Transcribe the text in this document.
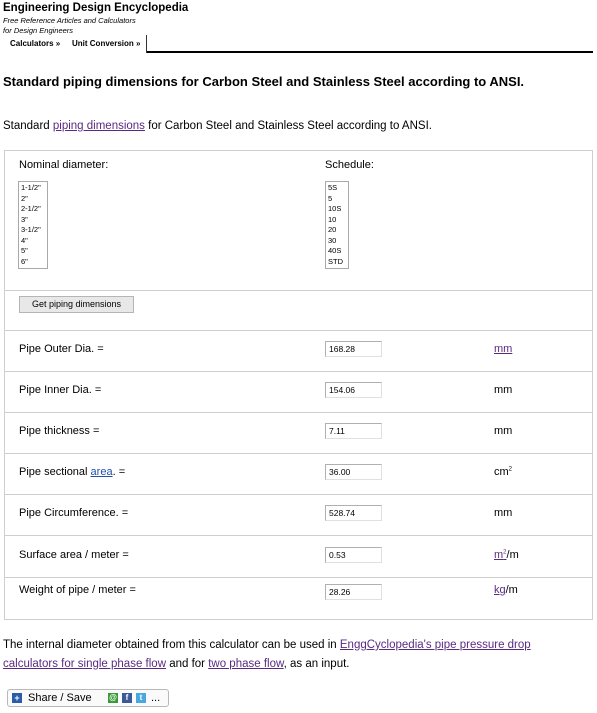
Engineering Design Encyclopedia
Free Reference Articles and Calculators
for Design Engineers
Calculators » Unit Conversion »
Standard piping dimensions for Carbon Steel and Stainless Steel according to ANSI.
Standard piping dimensions for Carbon Steel and Stainless Steel according to ANSI.
Nominal diameter:	Schedule:
1-1/2"
2"
2-1/2"
3"
3-1/2"
4"
5"
6"
5S
5
10S
10
20
30
40S
STD
Get piping dimensions
Pipe Outer Dia. =	168.28	mm
Pipe Inner Dia. =	154.06	mm
Pipe thickness =	7.11	mm
Pipe sectional area. =	36.00	$cm^2$
Pipe Circumference. =	528.74	mm
Surface area / meter =	0.53	$m^2/m$
Weight of pipe / meter =	28.26	kg/m
The internal diameter obtained from this calculator can be used in EnggCyclopedia's pipe pressure drop calculators for single phase flow and for two phase flow, as an input.
+ Share / Save @	f	t ...
